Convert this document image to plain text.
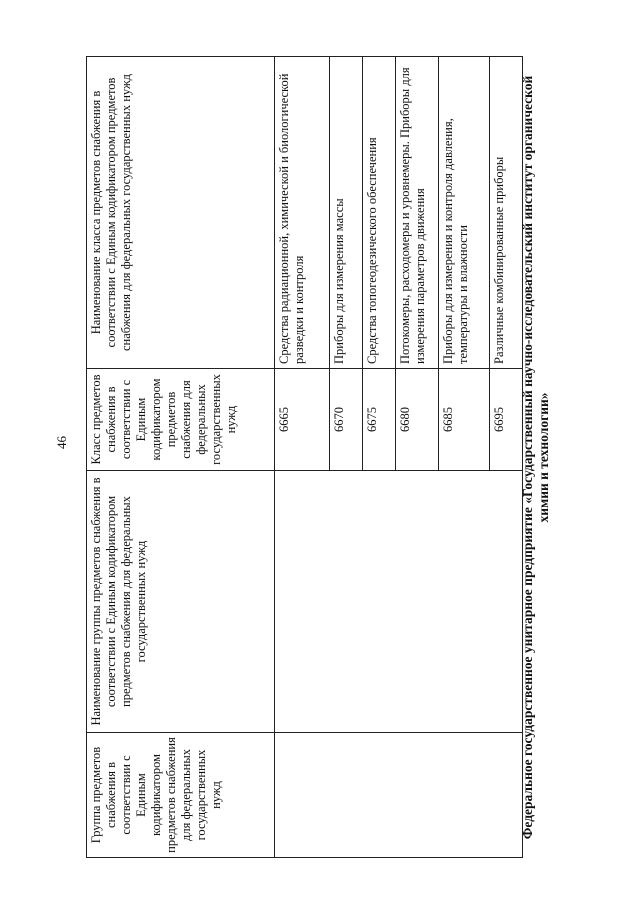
46
Группа предметов снабжения в соответствии с Единым кодификатором предметов снабжения для федеральных государственных нужд	Наименование группы предметов снабжения в соответствии с Единым кодификатором предметов снабжения для федеральных государственных нужд	Класс предметов снабжения в соответствии с Единым кодификатором предметов снабжения для федеральных государственных нужд	Наименование класса предметов снабжения в соответствии с Единым кодификатором предметов снабжения для федеральных государственных нужд
		6665	Средства радиационной, химической и биологической разведки и контроля
		6670	Приборы для измерения массы
		6675	Средства топогеодезического обеспечения
		6680	Потокомеры, расходомеры и уровнемеры. Приборы для измерения параметров движения
		6685	Приборы для измерения и контроля давления, температуры и влажности
		6695	Различные комбинированные приборы Федеральное государственное унитарное предприятие «Государственный научно-исследовательский институт органической химии и технологии»
